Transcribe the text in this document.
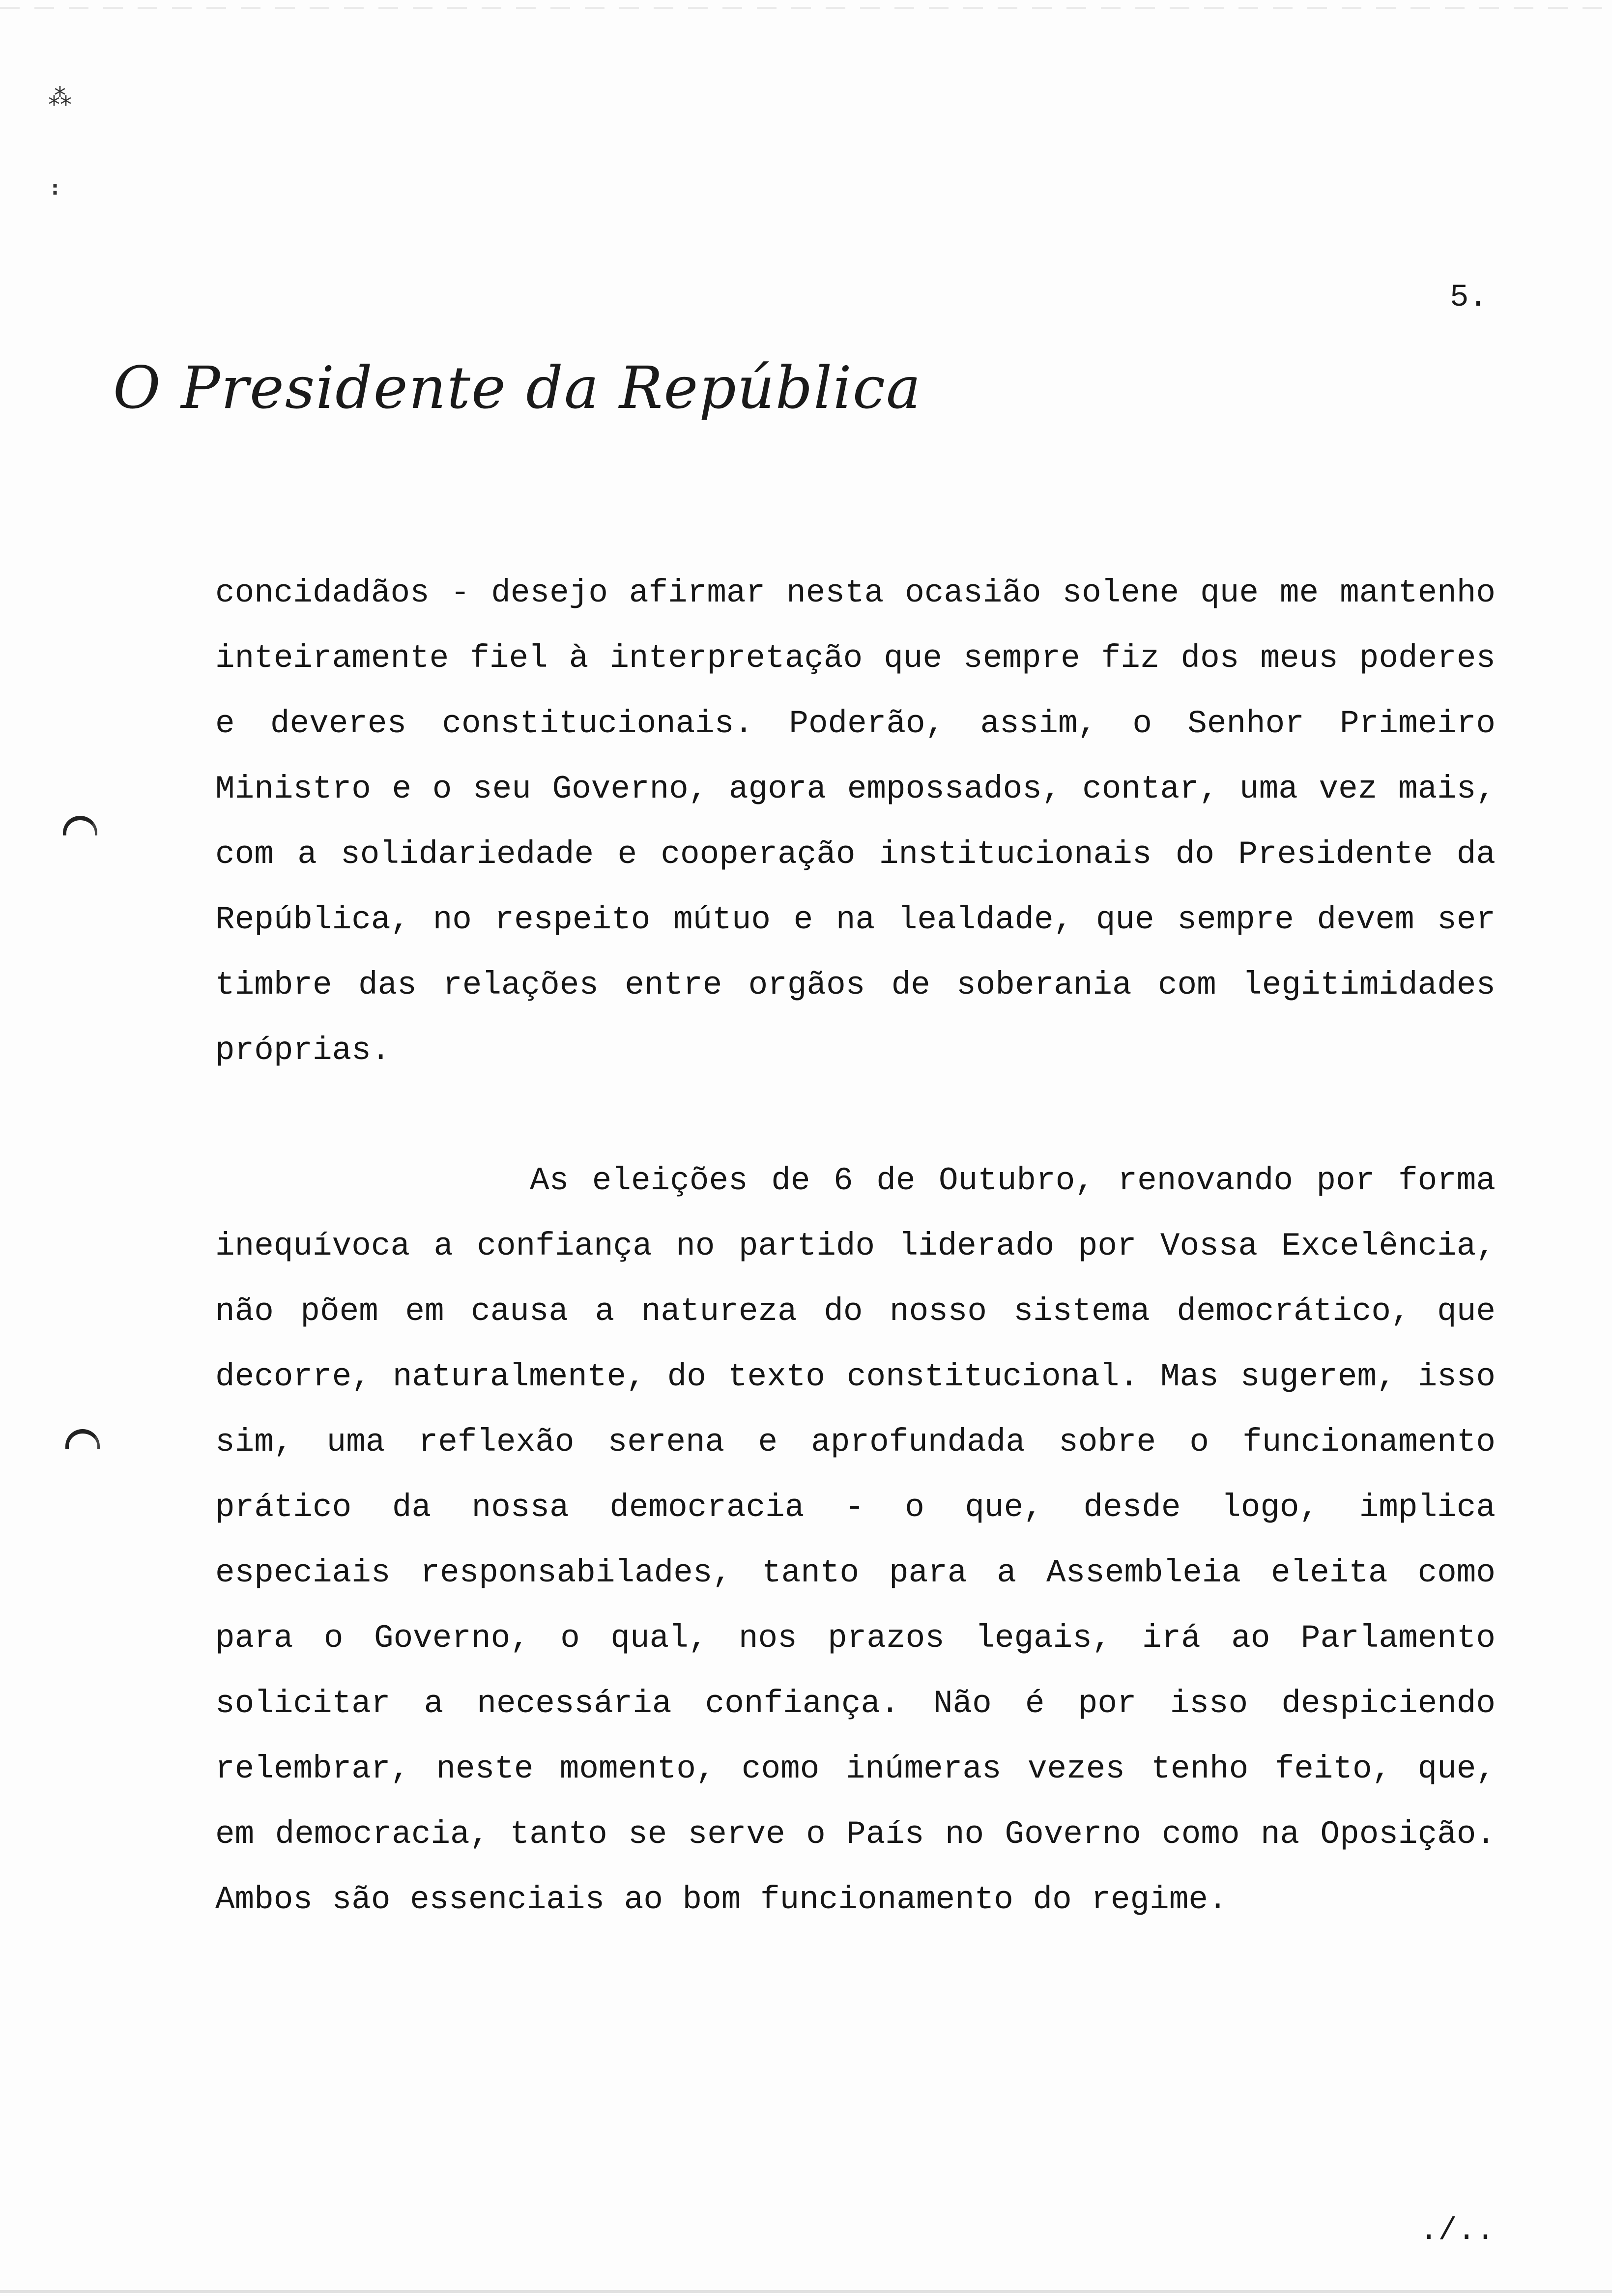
⁂
:
5.
O Presidente da República
concidadãos - desejo afirmar nesta ocasião solene que me mantenho
inteiramente fiel à interpretação que sempre fiz dos meus poderes
e deveres constitucionais. Poderão, assim, o Senhor Primeiro
Ministro e o seu Governo, agora empossados, contar, uma vez mais,
com a solidariedade e cooperação institucionais do Presidente da
República, no respeito mútuo e na lealdade, que sempre devem ser
timbre das relações entre orgãos de soberania com legitimidades
próprias.
As eleições de 6 de Outubro, renovando por forma
inequívoca a confiança no partido liderado por Vossa Excelência,
não põem em causa a natureza do nosso sistema democrático, que
decorre, naturalmente, do texto constitucional. Mas sugerem, isso
sim, uma reflexão serena e aprofundada sobre o funcionamento
prático da nossa democracia - o que, desde logo, implica
especiais responsabilades, tanto para a Assembleia eleita como
para o Governo, o qual, nos prazos legais, irá ao Parlamento
solicitar a necessária confiança. Não é por isso despiciendo
relembrar, neste momento, como inúmeras vezes tenho feito, que,
em democracia, tanto se serve o País no Governo como na Oposição.
Ambos são essenciais ao bom funcionamento do regime.
./..
